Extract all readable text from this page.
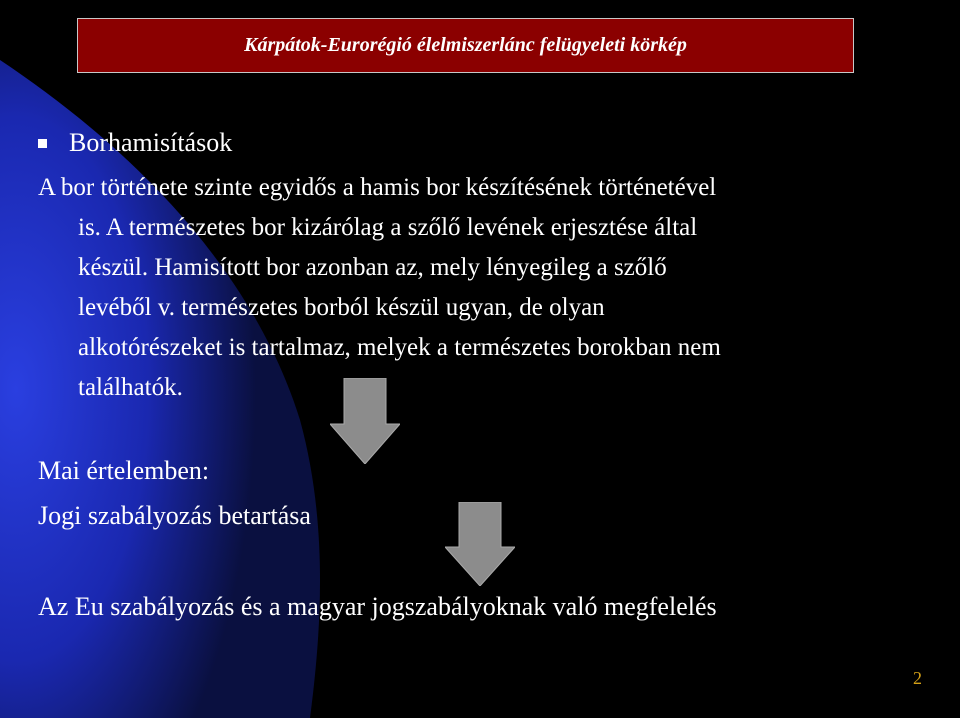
Kárpátok-Eurorégió élelmiszerlánc felügyeleti körkép
Borhamisítások
A bor története szinte egyidős a hamis bor készítésének történetével
is. A természetes bor kizárólag a szőlő levének erjesztése által
készül. Hamisított bor azonban az, mely lényegileg a szőlő
levéből v. természetes borból készül ugyan, de olyan
alkotórészeket is tartalmaz, melyek a természetes borokban nem
találhatók.
Mai értelemben:
Jogi szabályozás betartása
Az Eu szabályozás és a magyar jogszabályoknak való megfelelés
2
